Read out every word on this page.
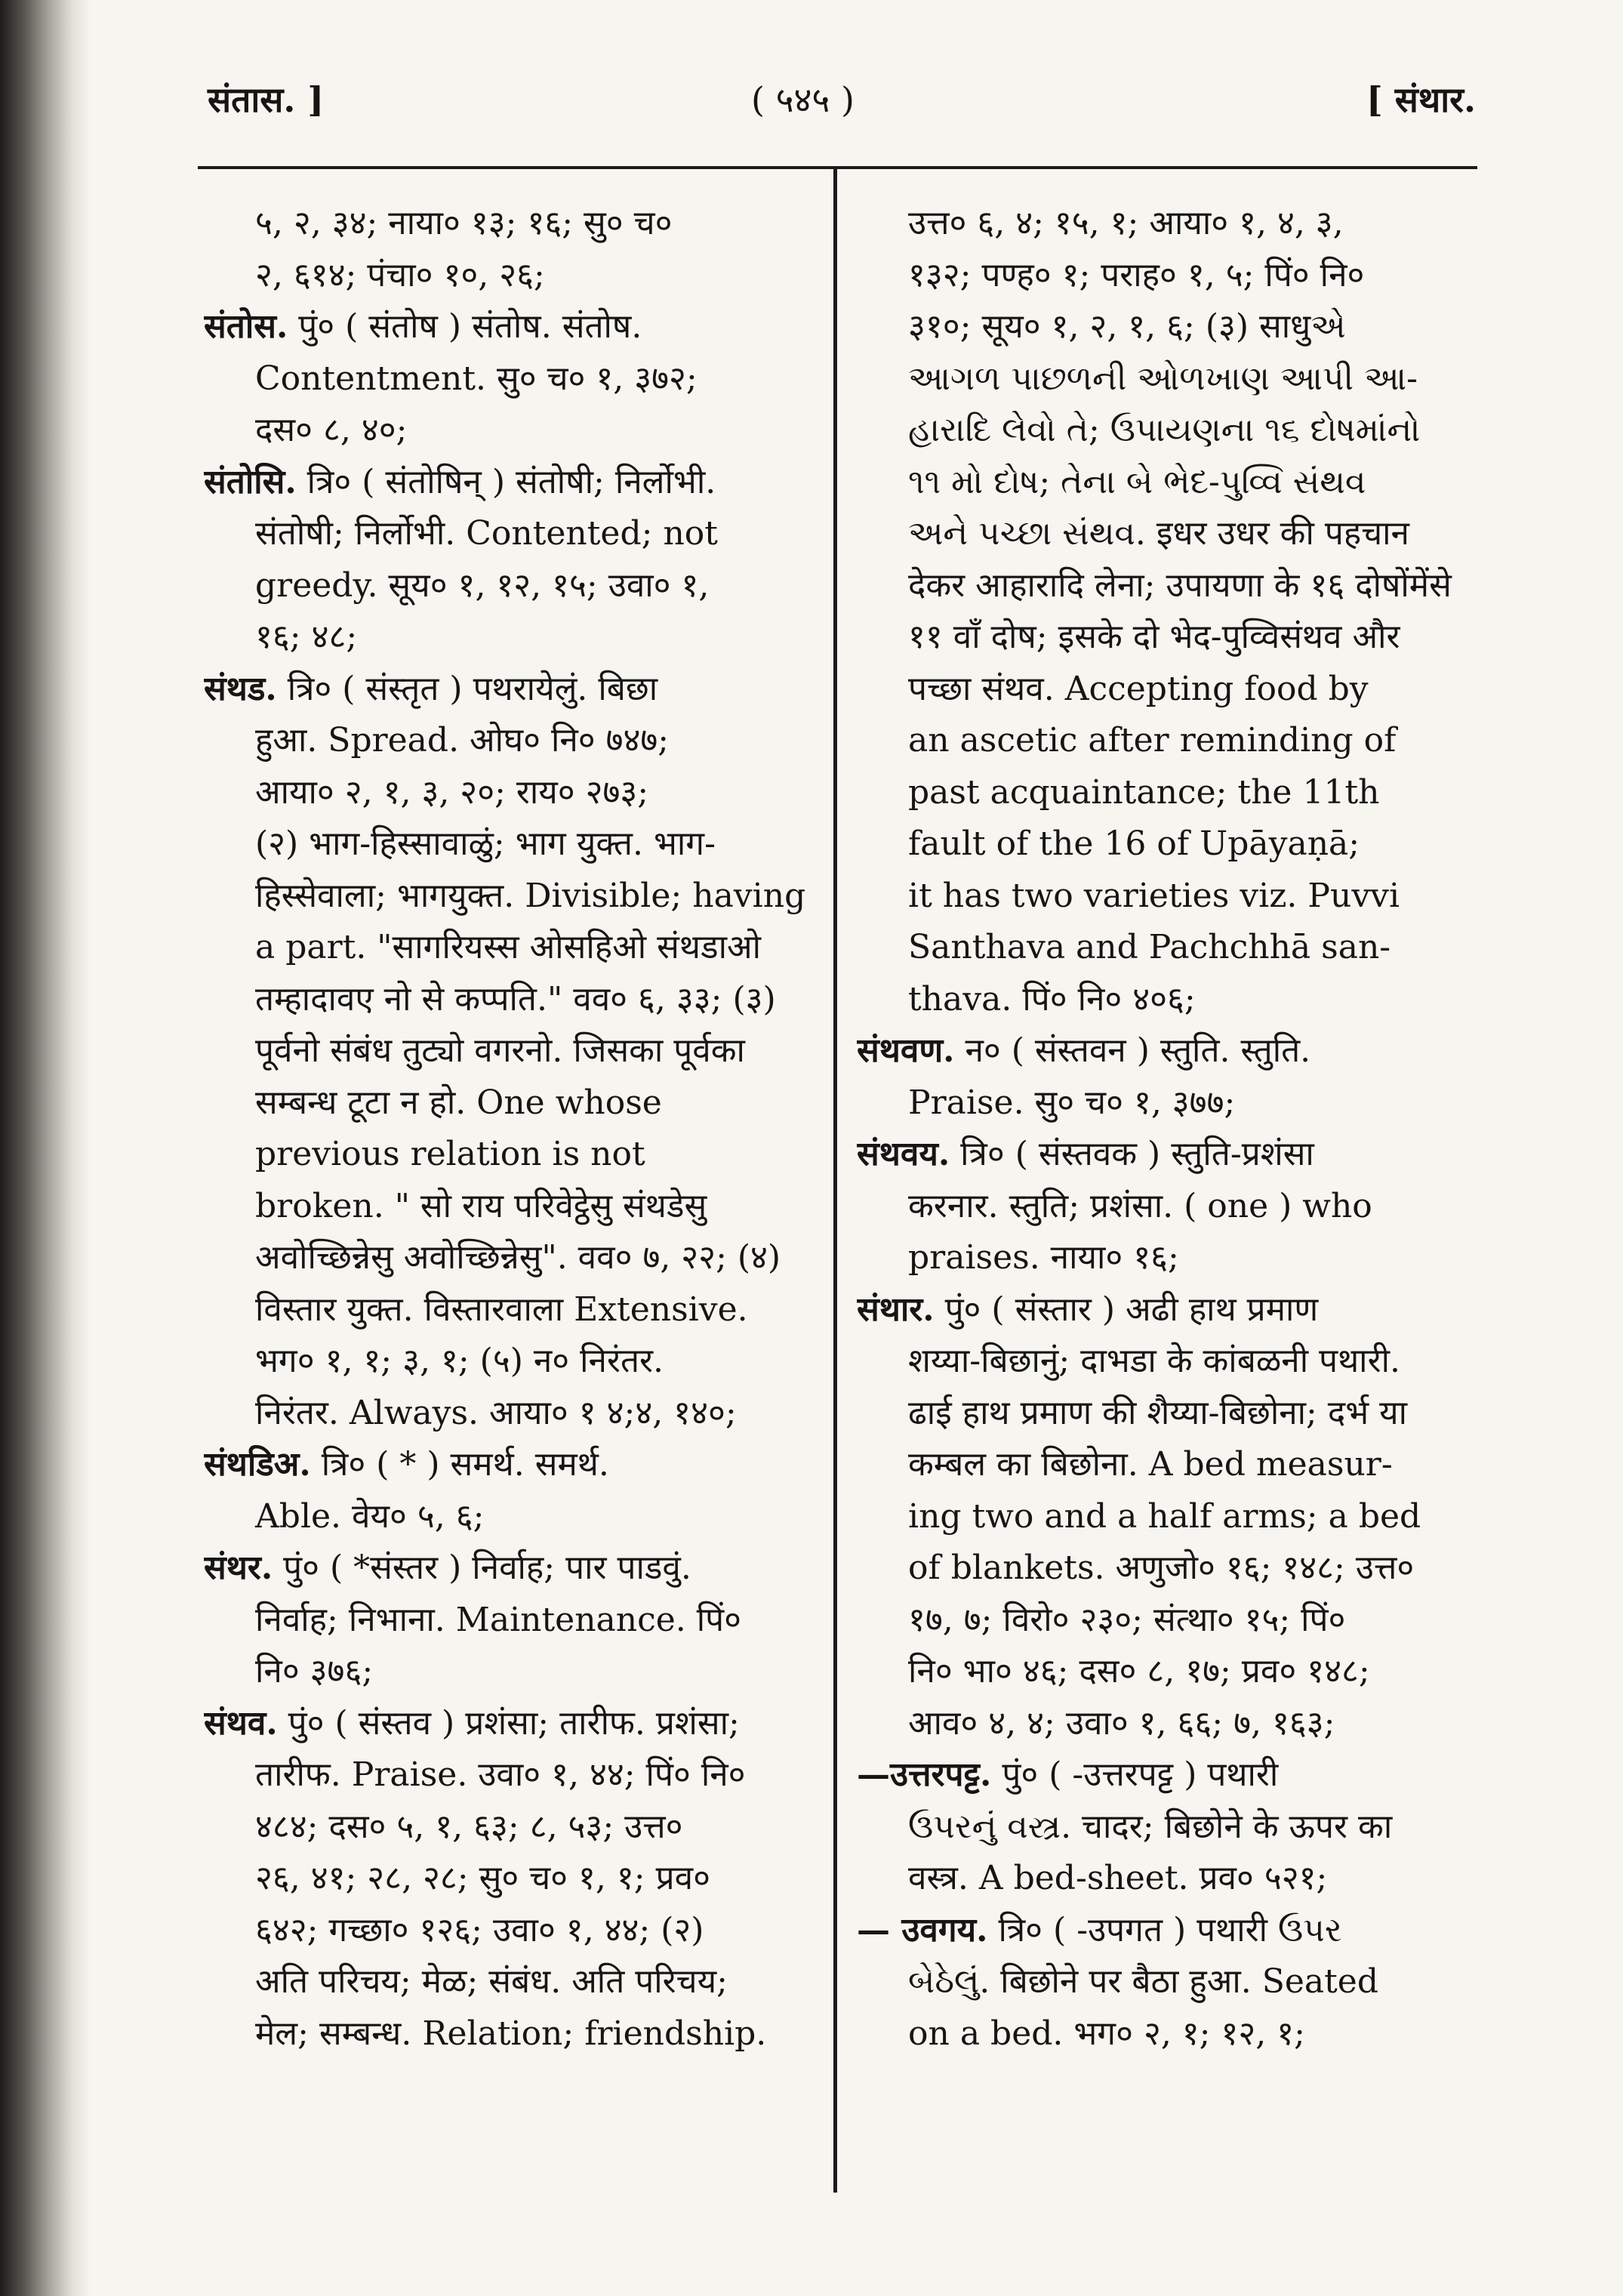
संतास. ]	( ५४५ )	[ संथार.
५, २, ३४; नाया० १३; १६; सु० च०
२, ६१४; पंचा० १०, २६;
संतोस. पुं० ( संतोष ) संतोष. संतोष.
Contentment. सु० च० १, ३७२;
दस० ८, ४०;
संतोसि. त्रि० ( संतोषिन् ) संतोषी; निर्लोभी.
संतोषी; निर्लोभी. Contented; not
greedy. सूय० १, १२, १५; उवा० १,
१६; ४८;
संथड. त्रि० ( संस्तृत ) पथरायेलुं. बिछा
हुआ. Spread. ओघ० नि० ७४७;
आया० २, १, ३, २०; राय० २७३;
(२) भाग-हिस्सावाळुं; भाग युक्त. भाग-
हिस्सेवाला; भागयुक्त. Divisible; having
a part. "सागरियस्स ओसहिओ संथडाओ
तम्हादावए नो से कप्पति." वव० ६, ३३; (३)
पूर्वनो संबंध तुट्यो वगरनो. जिसका पूर्वका
सम्बन्ध टूटा न हो. One whose
previous relation is not
broken. " सो राय परिवेट्ठेसु संथडेसु
अवोच्छिन्नेसु अवोच्छिन्नेसु". वव० ७, २२; (४)
विस्तार युक्त. विस्तारवाला Extensive.
भग० १, १; ३, १; (५) न० निरंतर.
निरंतर. Always. आया० १ ४;४, १४०;
संथडिअ. त्रि० ( * ) समर्थ. समर्थ.
Able. वेय० ५, ६;
संथर. पुं० ( *संस्तर ) निर्वाह; पार पाडवुं.
निर्वाह; निभाना. Maintenance. पिं०
नि० ३७६;
संथव. पुं० ( संस्तव ) प्रशंसा; तारीफ. प्रशंसा;
तारीफ. Praise. उवा० १, ४४; पिं० नि०
४८४; दस० ५, १, ६३; ८, ५३; उत्त०
२६, ४१; २८, २८; सु० च० १, १; प्रव०
६४२; गच्छा० १२६; उवा० १, ४४; (२)
अति परिचय; मेळ; संबंध. अति परिचय;
मेल; सम्बन्ध. Relation; friendship.
उत्त० ६, ४; १५, १; आया० १, ४, ३,
१३२; पण्ह० १; पराह० १, ५; पिं० नि०
३१०; सूय० १, २, १, ६; (३) साधुએ
આગળ પાછળની ઓળખાણ આપી આ-
હારાદિ લેવો તે; ઉપાયણના ૧૬ દોષમાંનો
૧૧ મો દોષ; તેના બે ભેદ-પુવ્વિ સંથવ
અને પચ્છા સંથવ. इधर उधर की पहचान
देकर आहारादि लेना; उपायणा के १६ दोषोंमेंसे
११ वाँ दोष; इसके दो भेद-पुव्विसंथव और
पच्छा संथव. Accepting food by
an ascetic after reminding of
past acquaintance; the 11th
fault of the 16 of Upāyaṇā;
it has two varieties viz. Puvvi
Santhava and Pachchhā san-
thava. पिं० नि० ४०६;
संथवण. न० ( संस्तवन ) स्तुति. स्तुति.
Praise. सु० च० १, ३७७;
संथवय. त्रि० ( संस्तवक ) स्तुति-प्रशंसा
करनार. स्तुति; प्रशंसा. ( one ) who
praises. नाया० १६;
संथार. पुं० ( संस्तार ) अढी हाथ प्रमाण
शय्या-बिछानुं; दाभडा के कांबळनी पथारी.
ढाई हाथ प्रमाण की शैय्या-बिछोना; दर्भ या
कम्बल का बिछोना. A bed measur-
ing two and a half arms; a bed
of blankets. अणुजो० १६; १४८; उत्त०
१७, ७; विरो० २३०; संत्था० १५; पिं०
नि० भा० ४६; दस० ८, १७; प्रव० १४८;
आव० ४, ४; उवा० १, ६६; ७, १६३;
—उत्तरपट्ट. पुं० ( -उत्तरपट्ट ) पथारी
ઉપરનું વસ્ત્ર. चादर; बिछोने के ऊपर का
वस्त्र. A bed-sheet. प्रव० ५२१;
— उवगय. त्रि० ( -उपगत ) पथारी ઉપર
બેઠેલું. बिछोने पर बैठा हुआ. Seated
on a bed. भग० २, १; १२, १;
